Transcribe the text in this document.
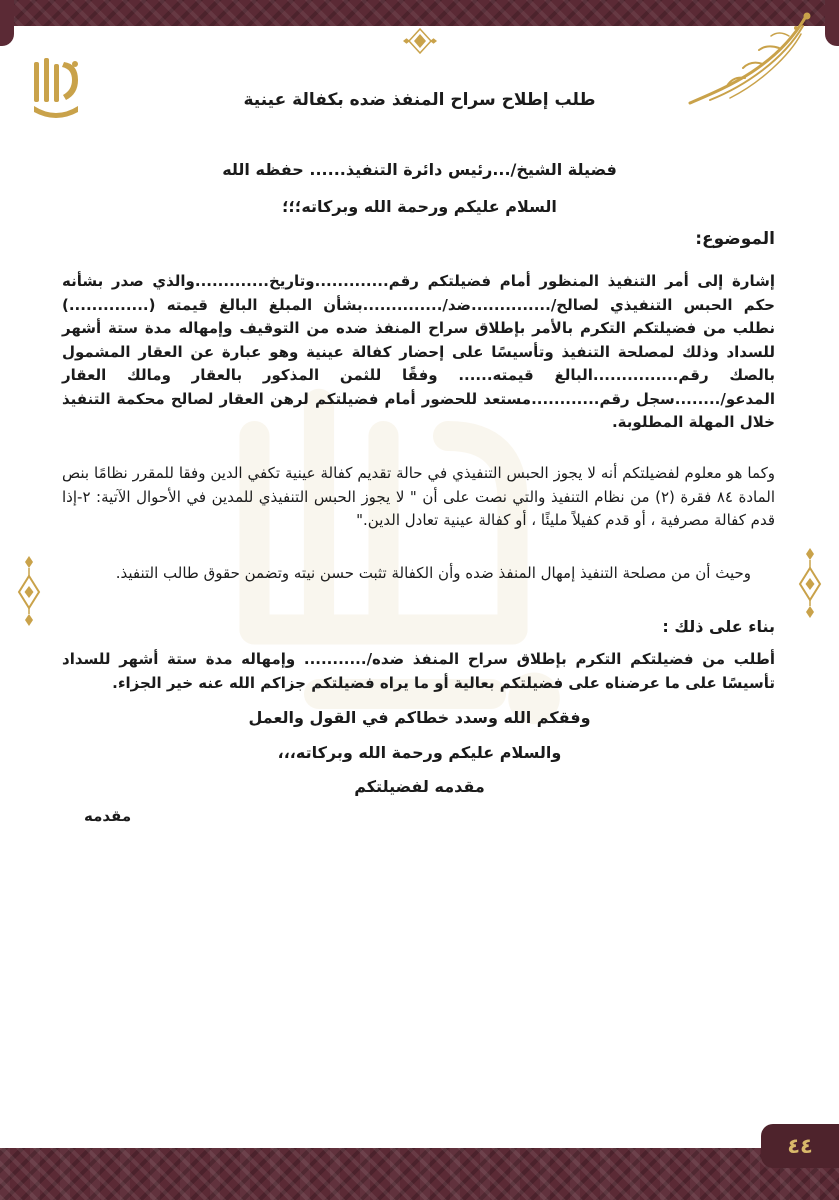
طلب إطلاح سراح المنفذ ضده بكفالة عينية
فضيلة الشيخ/...رئيس دائرة التنفيذ...... حفظه الله
السلام عليكم ورحمة الله وبركاته؛؛؛
الموضوع:
إشارة إلى أمر التنفيذ المنظور أمام فضيلتكم رقم.............وتاريخ.............والذي صدر بشأنه حكم الحبس التنفيذي لصالح/..............ضد/..............بشأن المبلغ البالغ قيمته (..............) نطلب من فضيلتكم التكرم بالأمر بإطلاق سراح المنفذ ضده من التوقيف وإمهاله مدة ستة أشهر للسداد وذلك لمصلحة التنفيذ وتأسيسًا على إحضار كفالة عينية وهو عبارة عن العقار المشمول بالصك رقم...............البالغ قيمته...... وفقًا للثمن المذكور بالعقار ومالك العقار المدعو/........سجل رقم............مستعد للحضور أمام فضيلتكم لرهن العقار لصالح محكمة التنفيذ خلال المهلة المطلوبة.
وكما هو معلوم لفضيلتكم أنه لا يجوز الحبس التنفيذي في حالة تقديم كفالة عينية تكفي الدين وفقا للمقرر نظامًا بنص المادة ٨٤ فقرة (٢) من نظام التنفيذ والتي نصت على أن " لا يجوز الحبس التنفيذي للمدين في الأحوال الآتية: ٢-إذا قدم كفالة مصرفية ، أو قدم كفيلاً مليئًا ، أو كفالة عينية تعادل الدين."
وحيث أن من مصلحة التنفيذ إمهال المنفذ ضده وأن الكفالة تثبت حسن نيته وتضمن حقوق طالب التنفيذ.
بناء على ذلك :
أطلب من فضيلتكم التكرم بإطلاق سراح المنفذ ضده/........... وإمهاله مدة ستة أشهر للسداد تأسيسًا على ما عرضناه على فضيلتكم بعالية أو ما يراه فضيلتكم جزاكم الله عنه خير الجزاء.
وفقكم الله وسدد خطاكم في القول والعمل
والسلام عليكم ورحمة الله وبركاته،،،
مقدمه لفضيلتكم
مقدمه
٤٤
